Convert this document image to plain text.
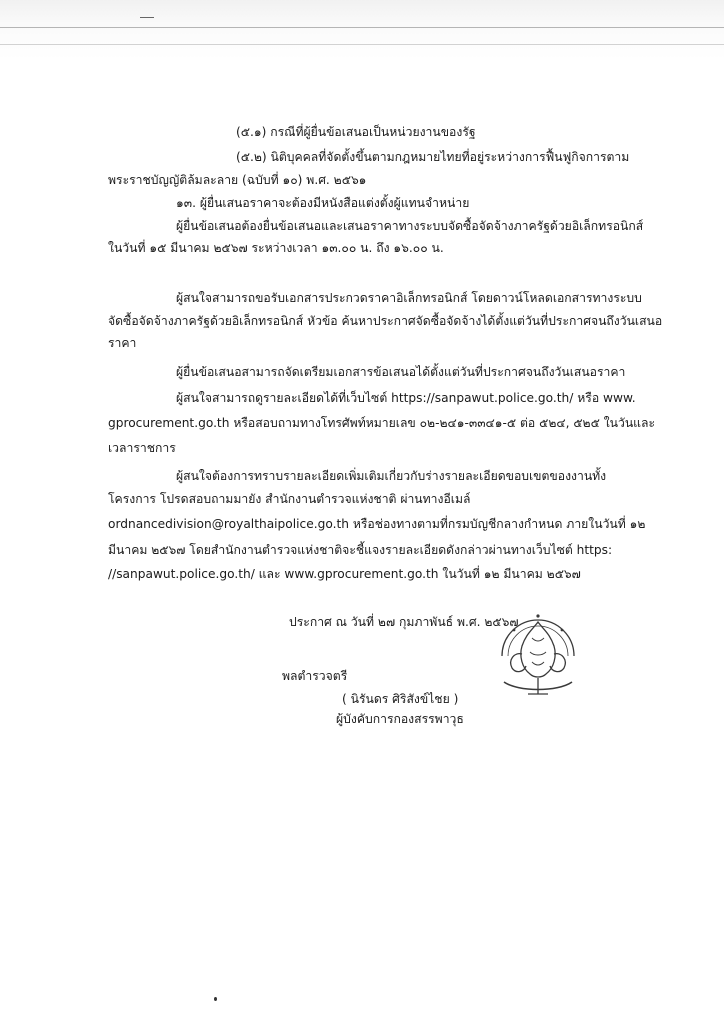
(๕.๑) กรณีที่ผู้ยื่นข้อเสนอเป็นหน่วยงานของรัฐ
(๕.๒) นิติบุคคลที่จัดตั้งขึ้นตามกฎหมายไทยที่อยู่ระหว่างการฟื้นฟูกิจการตาม
พระราชบัญญัติล้มละลาย (ฉบับที่ ๑๐) พ.ศ. ๒๕๖๑
๑๓. ผู้ยื่นเสนอราคาจะต้องมีหนังสือแต่งตั้งผู้แทนจำหน่าย
ผู้ยื่นข้อเสนอต้องยื่นข้อเสนอและเสนอราคาทางระบบจัดซื้อจัดจ้างภาครัฐด้วยอิเล็กทรอนิกส์
ในวันที่ ๑๕ มีนาคม ๒๕๖๗ ระหว่างเวลา ๑๓.๐๐ น. ถึง ๑๖.๐๐ น.
ผู้สนใจสามารถขอรับเอกสารประกวดราคาอิเล็กทรอนิกส์ โดยดาวน์โหลดเอกสารทางระบบ
จัดซื้อจัดจ้างภาครัฐด้วยอิเล็กทรอนิกส์ หัวข้อ ค้นหาประกาศจัดซื้อจัดจ้างได้ตั้งแต่วันที่ประกาศจนถึงวันเสนอ
ราคา
ผู้ยื่นข้อเสนอสามารถจัดเตรียมเอกสารข้อเสนอได้ตั้งแต่วันที่ประกาศจนถึงวันเสนอราคา
ผู้สนใจสามารถดูรายละเอียดได้ที่เว็บไซต์ https://sanpawut.police.go.th/ หรือ www.
gprocurement.go.th หรือสอบถามทางโทรศัพท์หมายเลข ๐๒-๒๔๑-๓๓๔๑-๕ ต่อ ๕๒๔, ๕๒๕ ในวันและ
เวลาราชการ
ผู้สนใจต้องการทราบรายละเอียดเพิ่มเติมเกี่ยวกับร่างรายละเอียดขอบเขตของงานทั้ง
โครงการ โปรดสอบถามมายัง สำนักงานตำรวจแห่งชาติ ผ่านทางอีเมล์
ordnancedivision@royalthaipolice.go.th หรือช่องทางตามที่กรมบัญชีกลางกำหนด ภายในวันที่ ๑๒
มีนาคม ๒๕๖๗ โดยสำนักงานตำรวจแห่งชาติจะชี้แจงรายละเอียดดังกล่าวผ่านทางเว็บไซต์ https:
//sanpawut.police.go.th/ และ www.gprocurement.go.th ในวันที่ ๑๒ มีนาคม ๒๕๖๗
ประกาศ ณ วันที่ ๒๗ กุมภาพันธ์ พ.ศ. ๒๕๖๗
พลตำรวจตรี
( นิรันดร ศิริสังข์ไชย )
ผู้บังคับการกองสรรพาวุธ
